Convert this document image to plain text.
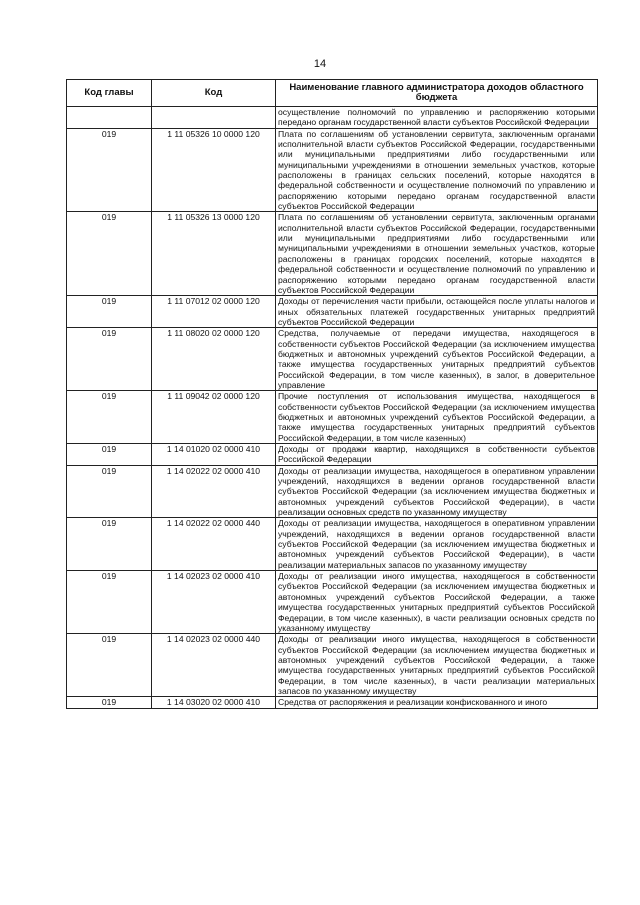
14
Код главы	Код	Наименование главного администратора доходов областного бюджета
		осуществление полномочий по управлению и распоряжению которыми передано органам государственной власти субъектов Российской Федерации
019	1 11 05326 10 0000 120	Плата по соглашениям об установлении сервитута, заключенным органами исполнительной власти субъектов Российской Федерации, государственными или муниципальными предприятиями либо государственными или муниципальными учреждениями в отношении земельных участков, которые расположены в границах сельских поселений, которые находятся в федеральной собственности и осуществление полномочий по управлению и распоряжению которыми передано органам государственной власти субъектов Российской Федерации
019	1 11 05326 13 0000 120	Плата по соглашениям об установлении сервитута, заключенным органами исполнительной власти субъектов Российской Федерации, государственными или муниципальными предприятиями либо государственными или муниципальными учреждениями в отношении земельных участков, которые расположены в границах городских поселений, которые находятся в федеральной собственности и осуществление полномочий по управлению и распоряжению которыми передано органам государственной власти субъектов Российской Федерации
019	1 11 07012 02 0000 120	Доходы от перечисления части прибыли, остающейся после уплаты налогов и иных обязательных платежей государственных унитарных предприятий субъектов Российской Федерации
019	1 11 08020 02 0000 120	Средства, получаемые от передачи имущества, находящегося в собственности субъектов Российской Федерации (за исключением имущества бюджетных и автономных учреждений субъектов Российской Федерации, а также имущества государственных унитарных предприятий субъектов Российской Федерации, в том числе казенных), в залог, в доверительное управление
019	1 11 09042 02 0000 120	Прочие поступления от использования имущества, находящегося в собственности субъектов Российской Федерации (за исключением имущества бюджетных и автономных учреждений субъектов Российской Федерации, а также имущества государственных унитарных предприятий субъектов Российской Федерации, в том числе казенных)
019	1 14 01020 02 0000 410	Доходы от продажи квартир, находящихся в собственности субъектов Российской Федерации
019	1 14 02022 02 0000 410	Доходы от реализации имущества, находящегося в оперативном управлении учреждений, находящихся в ведении органов государственной власти субъектов Российской Федерации (за исключением имущества бюджетных и автономных учреждений субъектов Российской Федерации), в части реализации основных средств по указанному имуществу
019	1 14 02022 02 0000 440	Доходы от реализации имущества, находящегося в оперативном управлении учреждений, находящихся в ведении органов государственной власти субъектов Российской Федерации (за исключением имущества бюджетных и автономных учреждений субъектов Российской Федерации), в части реализации материальных запасов по указанному имуществу
019	1 14 02023 02 0000 410	Доходы от реализации иного имущества, находящегося в собственности субъектов Российской Федерации (за исключением имущества бюджетных и автономных учреждений субъектов Российской Федерации, а также имущества государственных унитарных предприятий субъектов Российской Федерации, в том числе казенных), в части реализации основных средств по указанному имуществу
019	1 14 02023 02 0000 440	Доходы от реализации иного имущества, находящегося в собственности субъектов Российской Федерации (за исключением имущества бюджетных и автономных учреждений субъектов Российской Федерации, а также имущества государственных унитарных предприятий субъектов Российской Федерации, в том числе казенных), в части реализации материальных запасов по указанному имуществу
019	1 14 03020 02 0000 410	Средства от распоряжения и реализации конфискованного и иного
